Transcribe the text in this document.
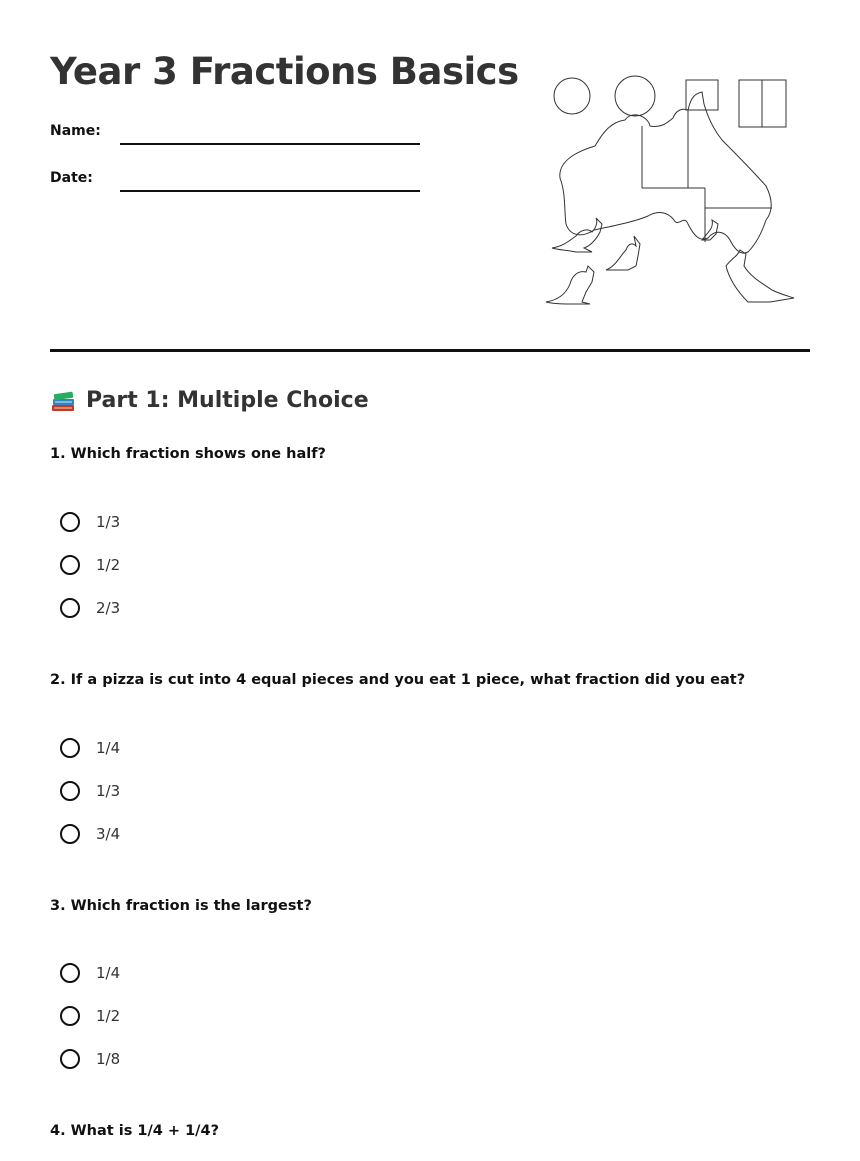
Year 3 Fractions Basics
Name:
Date:
Part 1: Multiple Choice

1. Which fraction shows one half?

1/3
1/2
2/3

2. If a pizza is cut into 4 equal pieces and you eat 1 piece, what fraction did you eat?

1/4
1/3
3/4

3. Which fraction is the largest?

1/4
1/2
1/8

4. What is 1/4 + 1/4?
